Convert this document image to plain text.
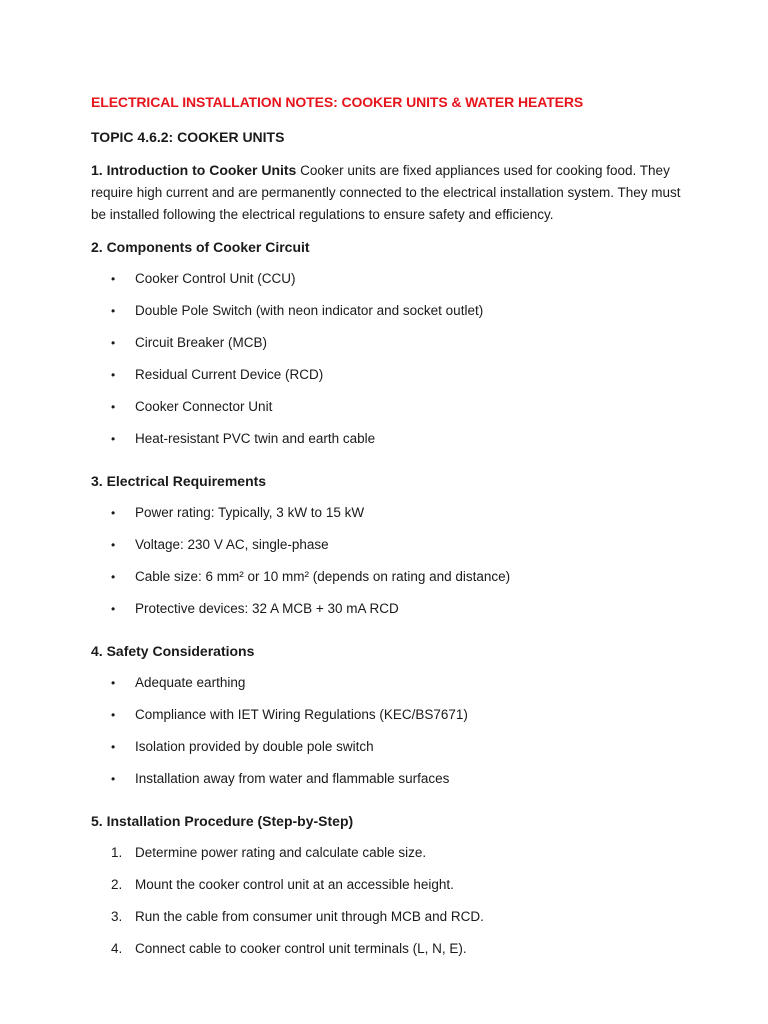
ELECTRICAL INSTALLATION NOTES: COOKER UNITS & WATER HEATERS
TOPIC 4.6.2: COOKER UNITS

1. Introduction to Cooker Units Cooker units are fixed appliances used for cooking food. They require high current and are permanently connected to the electrical installation system. They must be installed following the electrical regulations to ensure safety and efficiency.

2. Components of Cooker Circuit
• Cooker Control Unit (CCU)
• Double Pole Switch (with neon indicator and socket outlet)
• Circuit Breaker (MCB)
• Residual Current Device (RCD)
• Cooker Connector Unit
• Heat-resistant PVC twin and earth cable
3. Electrical Requirements
• Power rating: Typically, 3 kW to 15 kW
• Voltage: 230 V AC, single-phase
• Cable size: 6 mm² or 10 mm² (depends on rating and distance)
• Protective devices: 32 A MCB + 30 mA RCD
4. Safety Considerations
• Adequate earthing
• Compliance with IET Wiring Regulations (KEC/BS7671)
• Isolation provided by double pole switch
• Installation away from water and flammable surfaces
5. Installation Procedure (Step-by-Step)
1. Determine power rating and calculate cable size.
2. Mount the cooker control unit at an accessible height.
3. Run the cable from consumer unit through MCB and RCD.
4. Connect cable to cooker control unit terminals (L, N, E).
